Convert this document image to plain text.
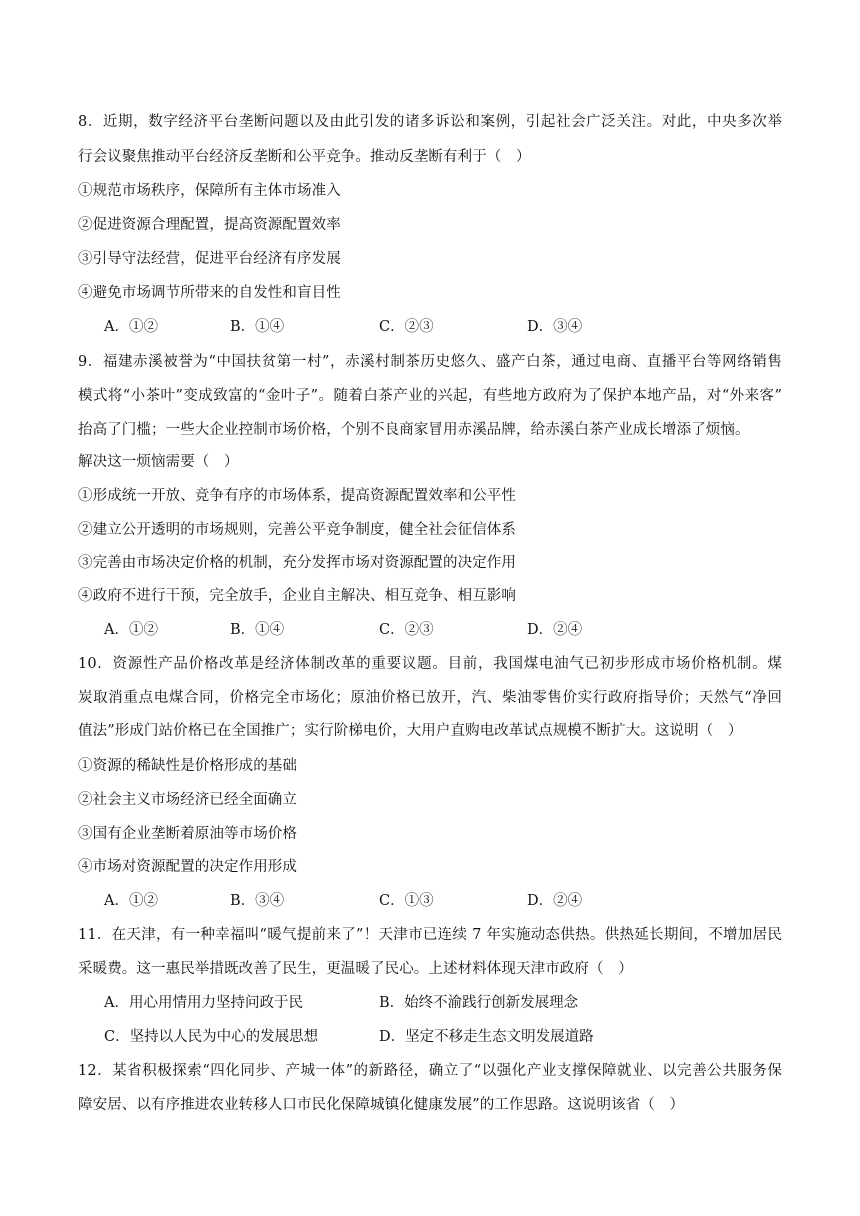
8．近期，数字经济平台垄断问题以及由此引发的诸多诉讼和案例，引起社会广泛关注。对此，中央多次举
行会议聚焦推动平台经济反垄断和公平竞争。推动反垄断有利于（　）
①规范市场秩序，保障所有主体市场准入
②促进资源合理配置，提高资源配置效率
③引导守法经营，促进平台经济有序发展
④避免市场调节所带来的自发性和盲目性
A．①②	B．①④	C．②③	D．③④
9．福建赤溪被誉为“中国扶贫第一村”，赤溪村制茶历史悠久、盛产白茶，通过电商、直播平台等网络销售
模式将“小茶叶”变成致富的“金叶子”。随着白茶产业的兴起，有些地方政府为了保护本地产品，对“外来客”
抬高了门槛；一些大企业控制市场价格，个别不良商家冒用赤溪品牌，给赤溪白茶产业成长增添了烦恼。
解决这一烦恼需要（　）
①形成统一开放、竞争有序的市场体系，提高资源配置效率和公平性
②建立公开透明的市场规则，完善公平竞争制度，健全社会征信体系
③完善由市场决定价格的机制，充分发挥市场对资源配置的决定作用
④政府不进行干预，完全放手，企业自主解决、相互竞争、相互影响
A．①②	B．①④	C．②③	D．②④
10．资源性产品价格改革是经济体制改革的重要议题。目前，我国煤电油气已初步形成市场价格机制。煤
炭取消重点电煤合同，价格完全市场化；原油价格已放开，汽、柴油零售价实行政府指导价；天然气“净回
值法”形成门站价格已在全国推广；实行阶梯电价，大用户直购电改革试点规模不断扩大。这说明（　）
①资源的稀缺性是价格形成的基础
②社会主义市场经济已经全面确立
③国有企业垄断着原油等市场价格
④市场对资源配置的决定作用形成
A．①②	B．③④	C．①③	D．②④
11．在天津，有一种幸福叫“暖气提前来了”！天津市已连续 7 年实施动态供热。供热延长期间，不增加居民
采暖费。这一惠民举措既改善了民生，更温暖了民心。上述材料体现天津市政府（　）
A．用心用情用力坚持问政于民	B．始终不渝践行创新发展理念
C．坚持以人民为中心的发展思想	D．坚定不移走生态文明发展道路
12．某省积极探索“四化同步、产城一体”的新路径，确立了“以强化产业支撑保障就业、以完善公共服务保
障安居、以有序推进农业转移人口市民化保障城镇化健康发展”的工作思路。这说明该省（　）
